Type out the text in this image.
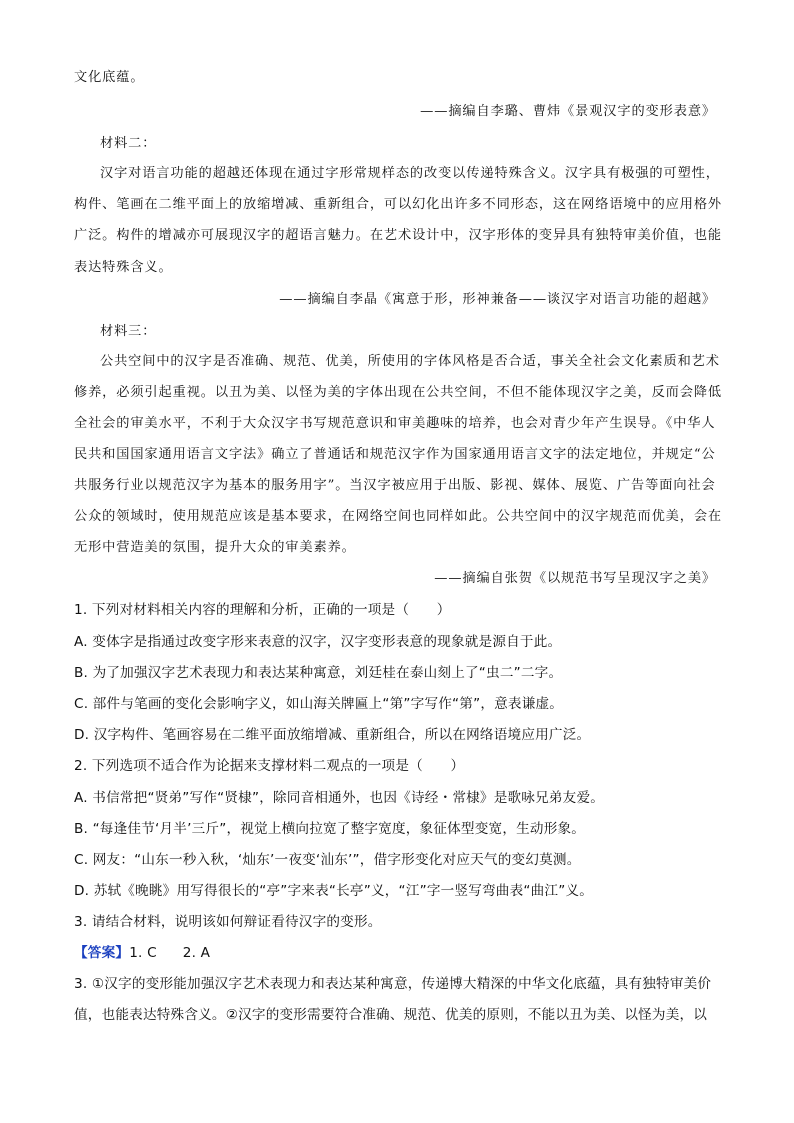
文化底蕴。
——摘编自李璐、曹炜《景观汉字的变形表意》
材料二：
汉字对语言功能的超越还体现在通过字形常规样态的改变以传递特殊含义。汉字具有极强的可塑性，
构件、笔画在二维平面上的放缩增减、重新组合，可以幻化出许多不同形态，这在网络语境中的应用格外
广泛。构件的增减亦可展现汉字的超语言魅力。在艺术设计中，汉字形体的变异具有独特审美价值，也能
表达特殊含义。
——摘编自李晶《寓意于形，形神兼备——谈汉字对语言功能的超越》
材料三：
公共空间中的汉字是否准确、规范、优美，所使用的字体风格是否合适，事关全社会文化素质和艺术
修养，必须引起重视。以丑为美、以怪为美的字体出现在公共空间，不但不能体现汉字之美，反而会降低
全社会的审美水平，不利于大众汉字书写规范意识和审美趣味的培养，也会对青少年产生误导。《中华人
民共和国国家通用语言文字法》确立了普通话和规范汉字作为国家通用语言文字的法定地位，并规定“公
共服务行业以规范汉字为基本的服务用字”。当汉字被应用于出版、影视、媒体、展览、广告等面向社会
公众的领域时，使用规范应该是基本要求，在网络空间也同样如此。公共空间中的汉字规范而优美，会在
无形中营造美的氛围，提升大众的审美素养。
——摘编自张贺《以规范书写呈现汉字之美》
1. 下列对材料相关内容的理解和分析，正确的一项是（　　）
A. 变体字是指通过改变字形来表意的汉字，汉字变形表意的现象就是源自于此。
B. 为了加强汉字艺术表现力和表达某种寓意，刘廷桂在泰山刻上了“虫二”二字。
C. 部件与笔画的变化会影响字义，如山海关牌匾上“第”字写作“第”，意表谦虚。
D. 汉字构件、笔画容易在二维平面放缩增减、重新组合，所以在网络语境应用广泛。
2. 下列选项不适合作为论据来支撑材料二观点的一项是（　　）
A. 书信常把“贤弟”写作“贤棣”，除同音相通外，也因《诗经・常棣》是歌咏兄弟友爱。
B. “每逢佳节‘月半’三斤”，视觉上横向拉宽了整字宽度，象征体型变宽，生动形象。
C. 网友：“山东一秒入秋，‘灿东’一夜变‘汕东’”，借字形变化对应天气的变幻莫测。
D. 苏轼《晚眺》用写得很长的“亭”字来表“长亭”义，“江”字一竖写弯曲表“曲江”义。
3. 请结合材料，说明该如何辩证看待汉字的变形。
【答案】1. C 2. A
3. ①汉字的变形能加强汉字艺术表现力和表达某种寓意，传递博大精深的中华文化底蕴，具有独特审美价
值，也能表达特殊含义。②汉字的变形需要符合准确、规范、优美的原则，不能以丑为美、以怪为美，以
